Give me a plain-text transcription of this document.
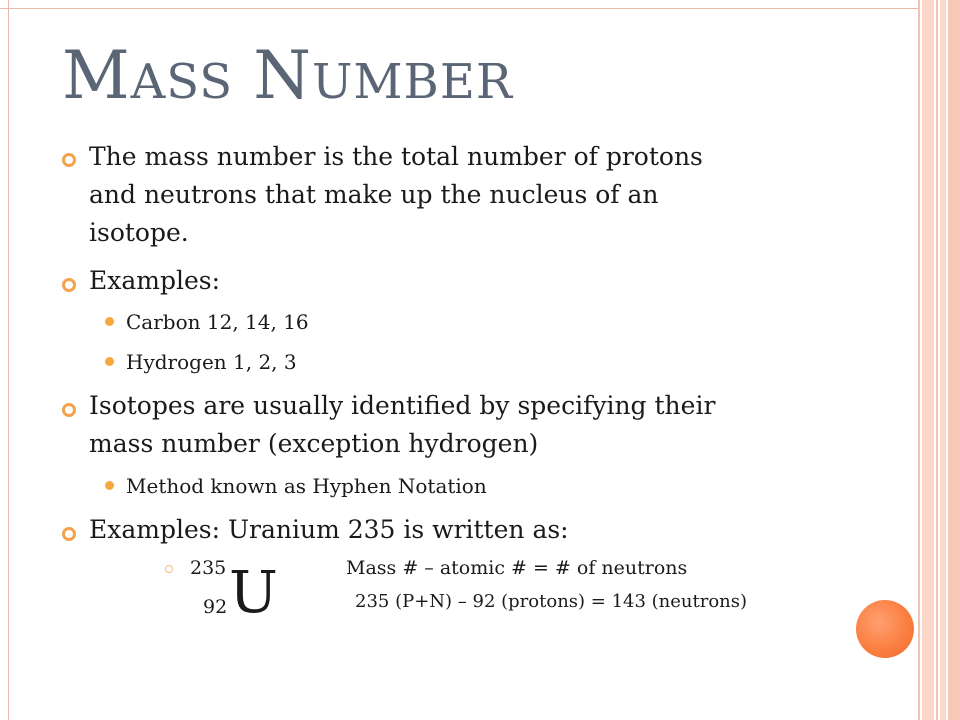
MASS NUMBER
The mass number is the total number of protons
and neutrons that make up the nucleus of an
isotope.
Examples:
Carbon 12, 14, 16
Hydrogen 1, 2, 3
Isotopes are usually identified by specifying their
mass number (exception hydrogen)
Method known as Hyphen Notation
Examples: Uranium 235 is written as:
235
92 U	Mass # – atomic # = # of neutrons
235 (P+N) – 92 (protons) = 143 (neutrons)
